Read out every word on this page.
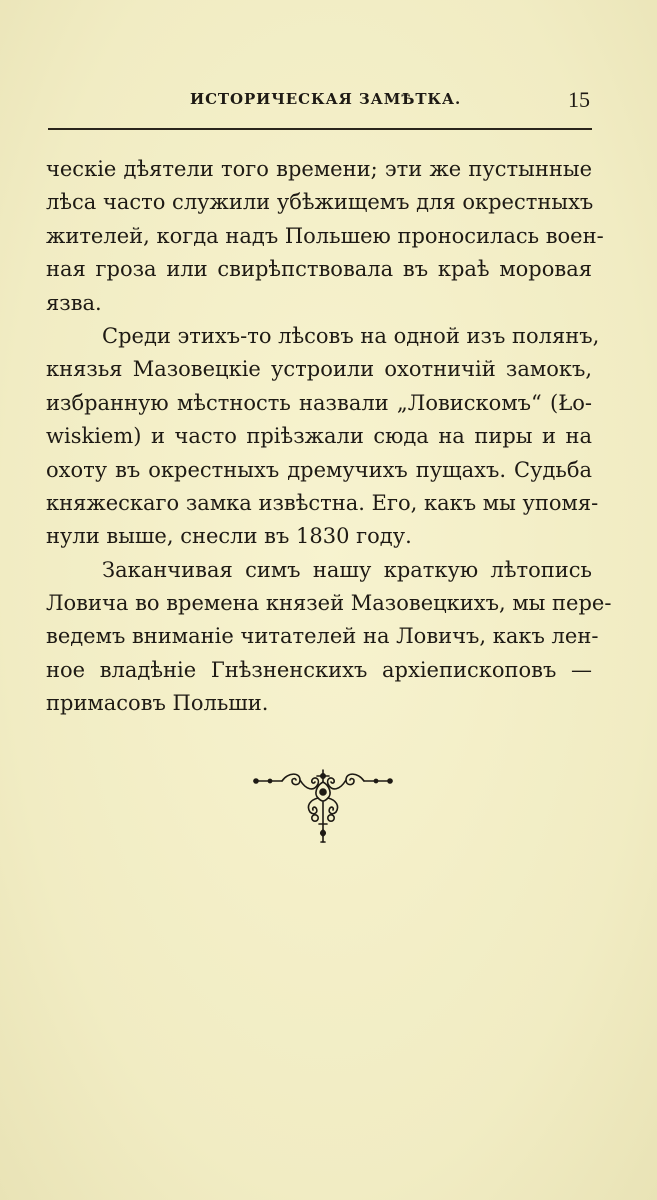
ИСТОРИЧЕСКАЯ ЗАМѢТКА.	15
ческіе дѣятели того времени; эти же пустынные
лѣса часто служили убѣжищемъ для окрестныхъ
жителей, когда надъ Польшею проносилась воен-
ная гроза или свирѣпствовала въ краѣ моровая
язва.
Среди этихъ-то лѣсовъ на одной изъ полянъ,
князья Мазовецкіе устроили охотничій замокъ,
избранную мѣстность назвали „Ловискомъ“ (Ło-
wiskiem) и часто пріѣзжали сюда на пиры и на
охоту въ окрестныхъ дремучихъ пущахъ. Судьба
княжескаго замка извѣстна. Его, какъ мы упомя-
нули выше, снесли въ 1830 году.
Заканчивая симъ нашу краткую лѣтопись
Ловича во времена князей Мазовецкихъ, мы пере-
ведемъ вниманіе читателей на Ловичъ, какъ лен-
ное владѣніе Гнѣзненскихъ архіепископовъ —
примасовъ Польши.
